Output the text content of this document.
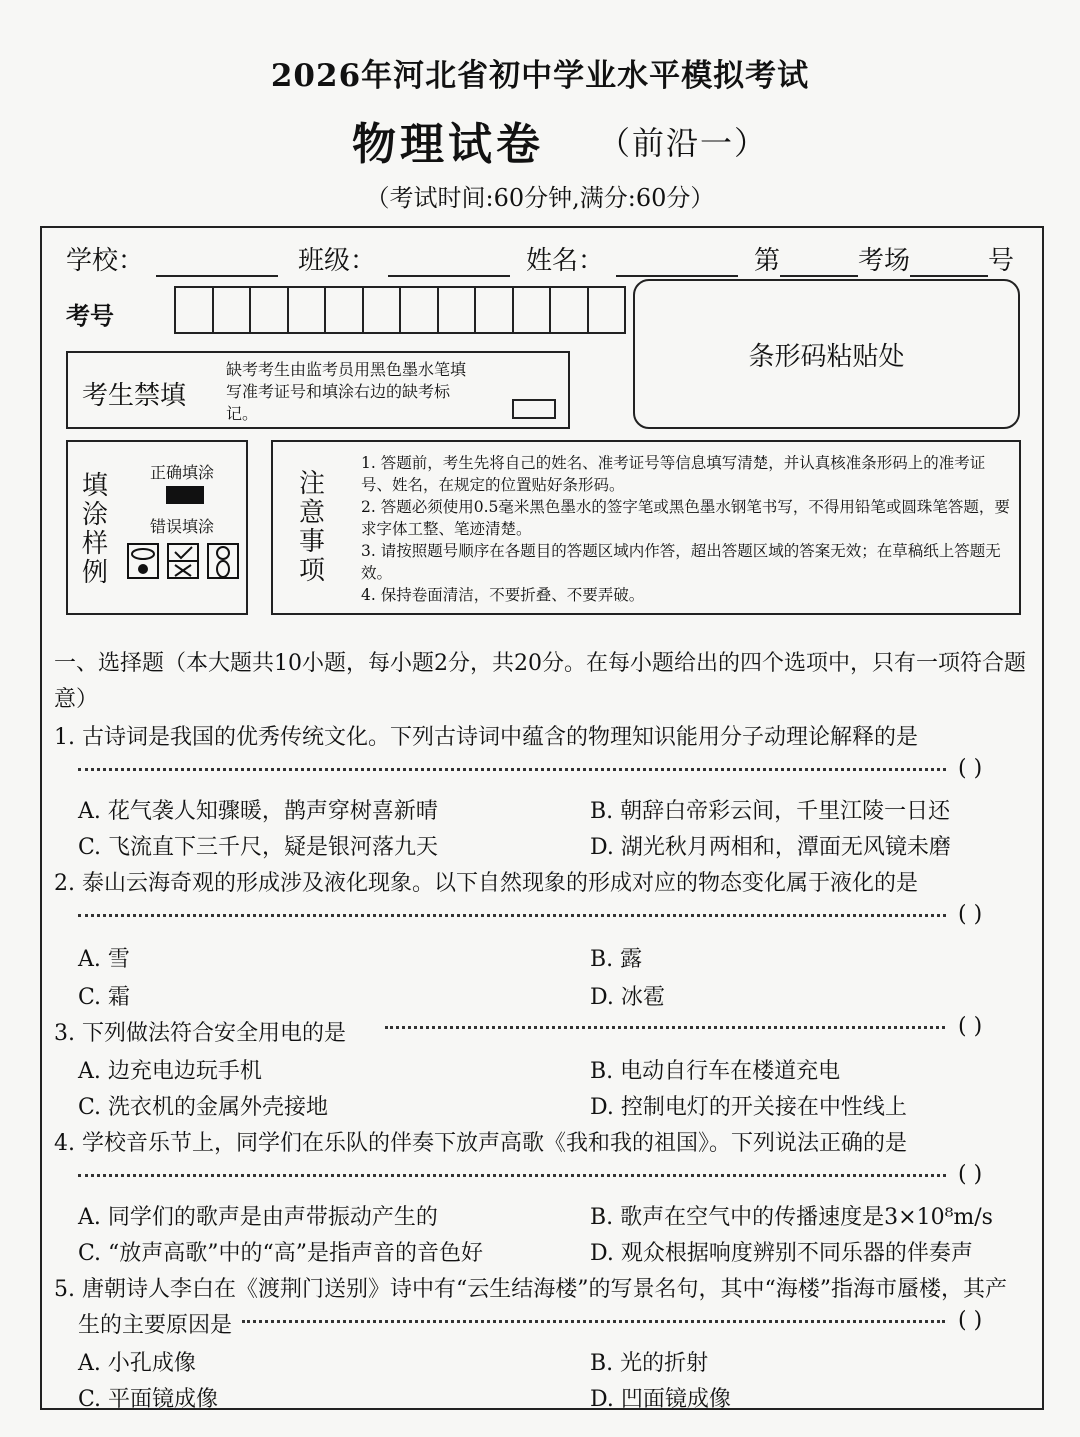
2026年河北省初中学业水平模拟考试
物理试卷 （前沿一）
（考试时间:60分钟,满分:60分）
学校：	班级：	姓名：	第	考场	号
考号
条形码粘贴处
考生禁填
缺考考生由监考员用黑色墨水笔填写准考证号和填涂右边的缺考标记。
填
涂
样
例
正确填涂
错误填涂
注
意
事
项
1. 答题前，考生先将自己的姓名、准考证号等信息填写清楚，并认真核准条形码上的准考证号、姓名，在规定的位置贴好条形码。
2. 答题必须使用0.5毫米黑色墨水的签字笔或黑色墨水钢笔书写，不得用铅笔或圆珠笔答题，要求字体工整、笔迹清楚。
3. 请按照题号顺序在各题目的答题区域内作答，超出答题区域的答案无效；在草稿纸上答题无效。
4. 保持卷面清洁，不要折叠、不要弄破。
一、选择题（本大题共10小题，每小题2分，共20分。在每小题给出的四个选项中，只有一项符合题意）
1. 古诗词是我国的优秀传统文化。下列古诗词中蕴含的物理知识能用分子动理论解释的是
( )
A. 花气袭人知骤暖，鹊声穿树喜新晴	B. 朝辞白帝彩云间，千里江陵一日还
C. 飞流直下三千尺，疑是银河落九天	D. 湖光秋月两相和，潭面无风镜未磨
2. 泰山云海奇观的形成涉及液化现象。以下自然现象的形成对应的物态变化属于液化的是
( )
A. 雪	B. 露
C. 霜	D. 冰雹
3. 下列做法符合安全用电的是	( )
A. 边充电边玩手机	B. 电动自行车在楼道充电
C. 洗衣机的金属外壳接地	D. 控制电灯的开关接在中性线上
4. 学校音乐节上，同学们在乐队的伴奏下放声高歌《我和我的祖国》。下列说法正确的是
( )
A. 同学们的歌声是由声带振动产生的	B. 歌声在空气中的传播速度是3×10⁸m/s
C. “放声高歌”中的“高”是指声音的音色好	D. 观众根据响度辨别不同乐器的伴奏声
5. 唐朝诗人李白在《渡荆门送别》诗中有“云生结海楼”的写景名句，其中“海楼”指海市蜃楼，其产
生的主要原因是	( )
A. 小孔成像	B. 光的折射
C. 平面镜成像	D. 凹面镜成像
